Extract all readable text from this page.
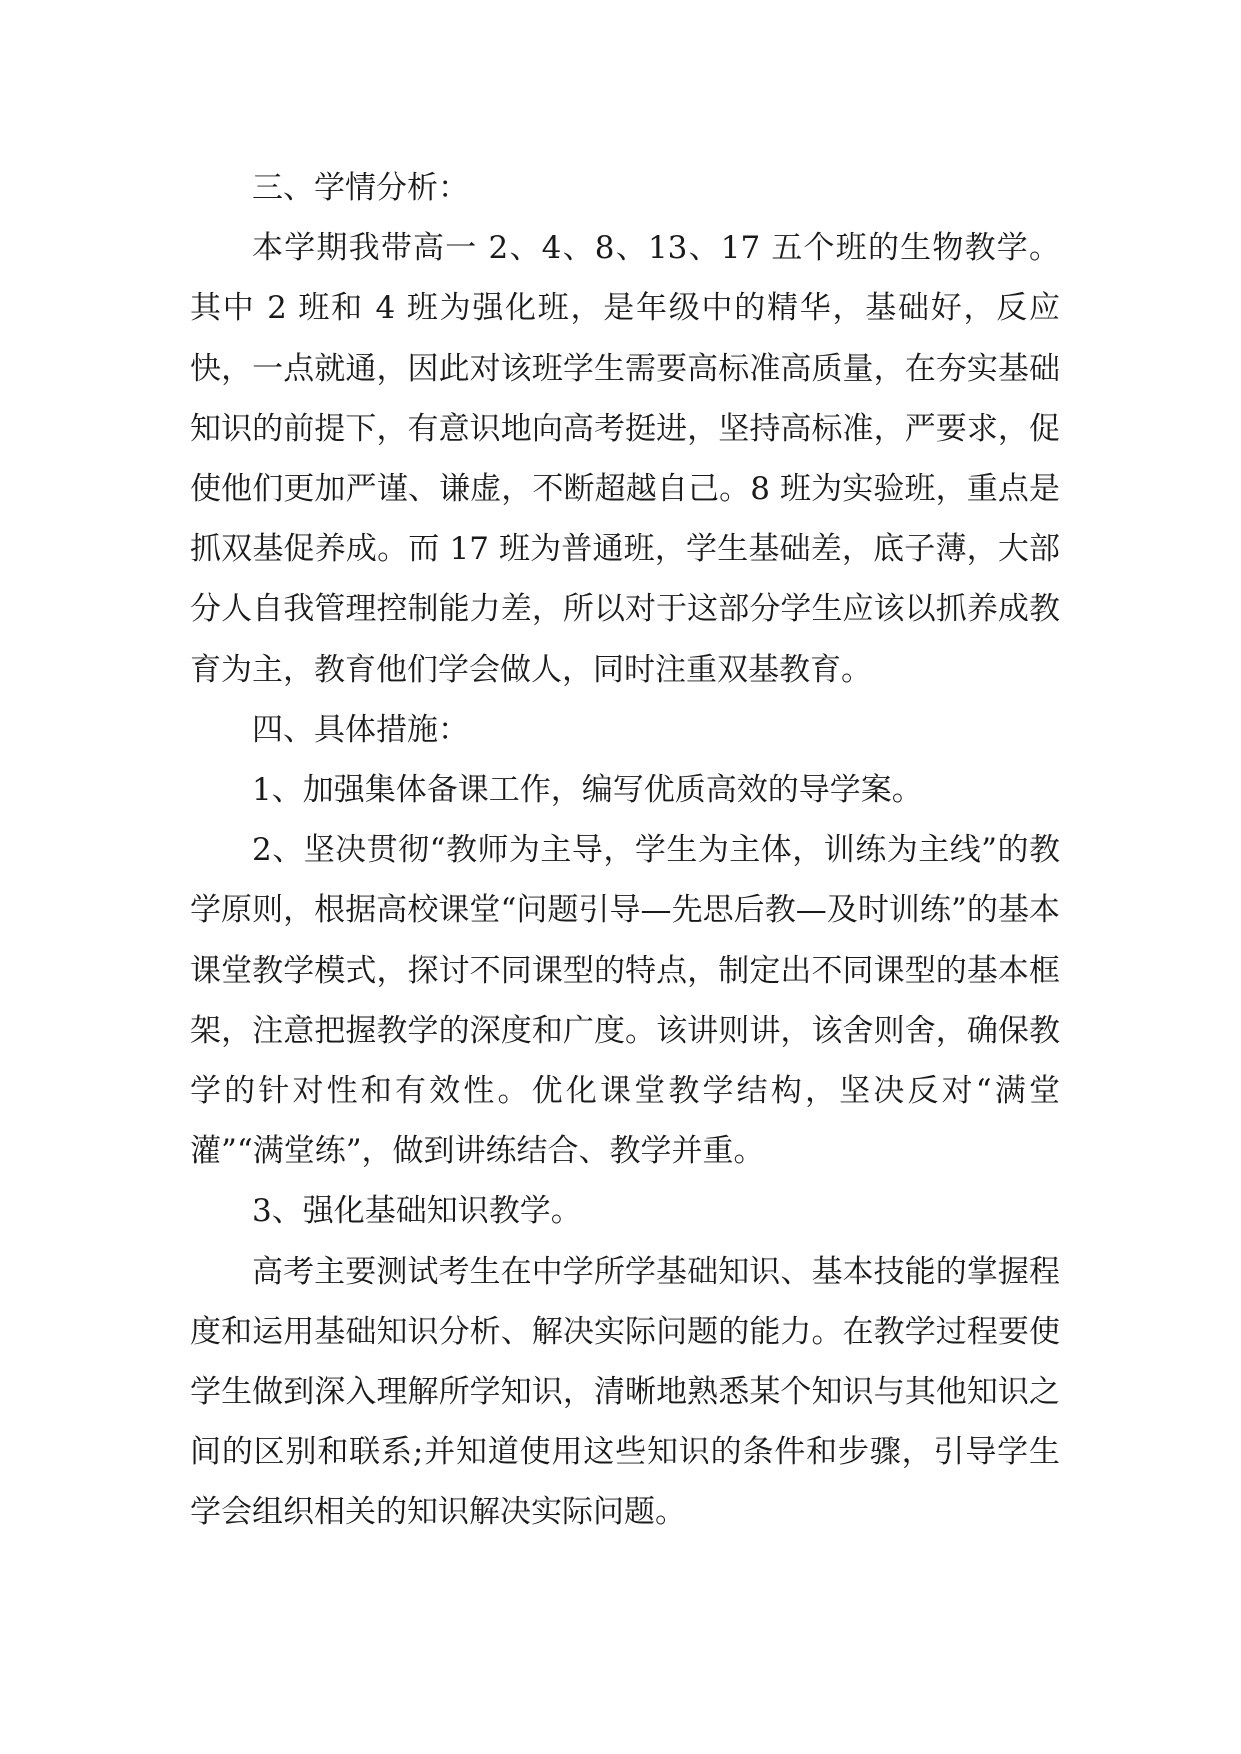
三、学情分析：

本学期我带高一 2、4、8、13、17 五个班的生物教学。其中 2 班和 4 班为强化班，是年级中的精华，基础好，反应快，一点就通，因此对该班学生需要高标准高质量，在夯实基础知识的前提下，有意识地向高考挺进，坚持高标准，严要求，促使他们更加严谨、谦虚，不断超越自己。8 班为实验班，重点是抓双基促养成。而 17 班为普通班，学生基础差，底子薄，大部分人自我管理控制能力差，所以对于这部分学生应该以抓养成教育为主，教育他们学会做人，同时注重双基教育。

四、具体措施：

1、加强集体备课工作，编写优质高效的导学案。

2、坚决贯彻“教师为主导，学生为主体，训练为主线”的教学原则，根据高校课堂“问题引导—先思后教—及时训练”的基本课堂教学模式，探讨不同课型的特点，制定出不同课型的基本框架，注意把握教学的深度和广度。该讲则讲，该舍则舍，确保教学的针对性和有效性。优化课堂教学结构，坚决反对“满堂灌”“满堂练”，做到讲练结合、教学并重。

3、强化基础知识教学。

高考主要测试考生在中学所学基础知识、基本技能的掌握程度和运用基础知识分析、解决实际问题的能力。在教学过程要使学生做到深入理解所学知识，清晰地熟悉某个知识与其他知识之间的区别和联系;并知道使用这些知识的条件和步骤，引导学生学会组织相关的知识解决实际问题。
